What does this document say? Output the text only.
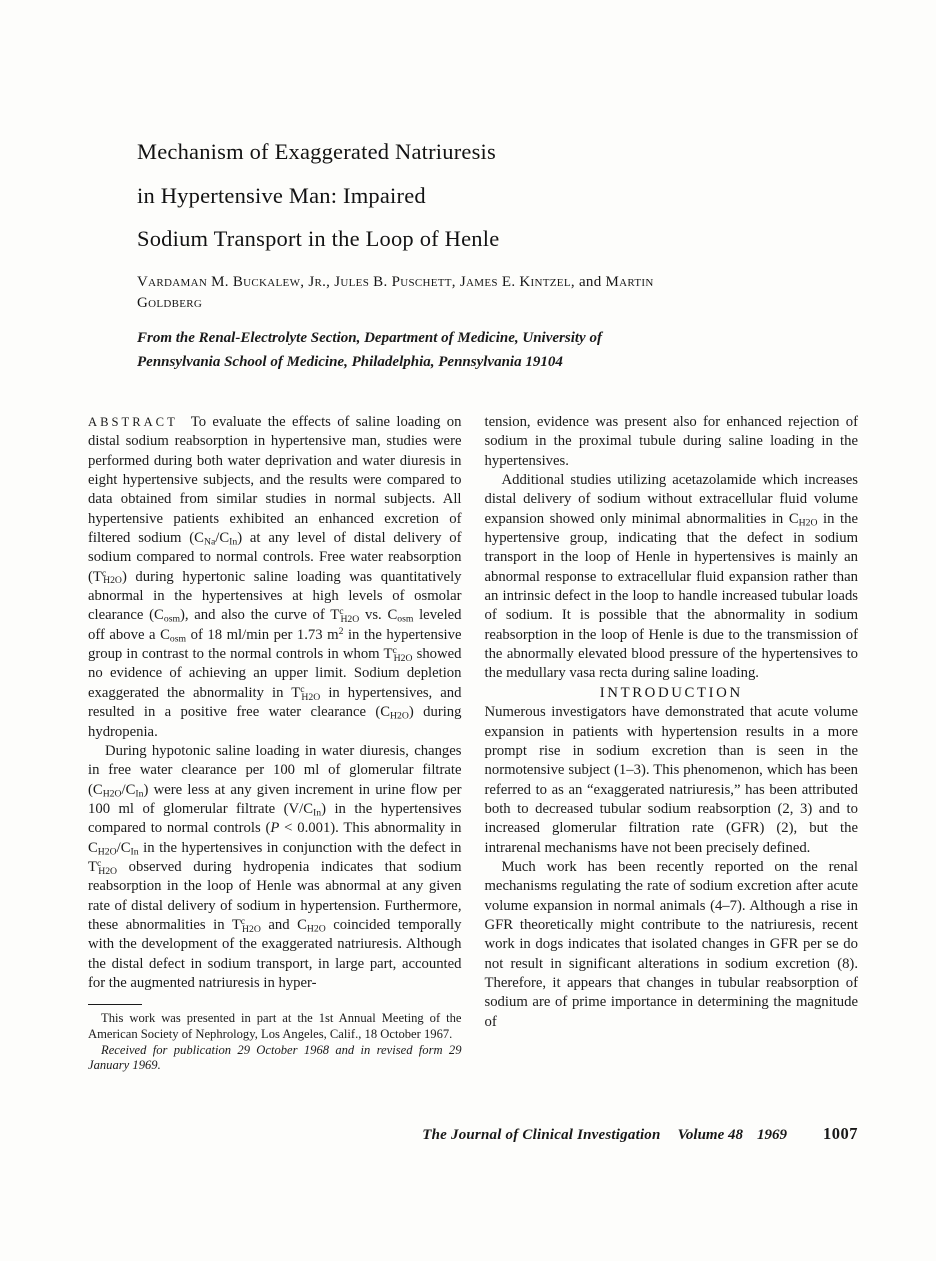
Mechanism of Exaggerated Natriuresis
in Hypertensive Man: Impaired
Sodium Transport in the Loop of Henle
Vardaman M. Buckalew, Jr., Jules B. Puschett, James E. Kintzel, and Martin Goldberg
From the Renal-Electrolyte Section, Department of Medicine, University of Pennsylvania School of Medicine, Philadelphia, Pennsylvania 19104

ABSTRACT To evaluate the effects of saline loading on distal sodium reabsorption in hypertensive man, studies were performed during both water deprivation and water diuresis in eight hypertensive subjects, and the results were compared to data obtained from similar studies in normal subjects. All hypertensive patients exhibited an enhanced excretion of filtered sodium $(C_{Na}/C_{In})$ at any level of distal delivery of sodium compared to normal controls. Free water reabsorption $(T^c_{H2O})$ during hypertonic saline loading was quantitatively abnormal in the hypertensives at high levels of osmolar clearance $(C_{osm})$, and also the curve of $T^c_{H2O}$ vs. $C_{osm}$ leveled off above a $C_{osm}$ of 18 ml/min per 1.73 $m^2$ in the hypertensive group in contrast to the normal controls in whom $T^c_{H2O}$ showed no evidence of achieving an upper limit. Sodium depletion exaggerated the abnormality in $T^c_{H2O}$ in hypertensives, and resulted in a positive free water clearance $(C_{H2O})$ during hydropenia.

During hypotonic saline loading in water diuresis, changes in free water clearance per 100 ml of glomerular filtrate $(C_{H2O}/C_{In})$ were less at any given increment in urine flow per 100 ml of glomerular filtrate $(V/C_{In})$ in the hypertensives compared to normal controls (P < 0.001). This abnormality in $C_{H2O}/C_{In}$ in the hypertensives in conjunction with the defect in $T^c_{H2O}$ observed during hydropenia indicates that sodium reabsorption in the loop of Henle was abnormal at any given rate of distal delivery of sodium in hypertension. Furthermore, these abnormalities in $T^c_{H2O}$ and $C_{H2O}$ coincided temporally with the development of the exaggerated natriuresis. Although the distal defect in sodium transport, in large part, accounted for the augmented natriuresis in hyper-

This work was presented in part at the 1st Annual Meeting of the American Society of Nephrology, Los Angeles, Calif., 18 October 1967.

Received for publication 29 October 1968 and in revised form 29 January 1969.

tension, evidence was present also for enhanced rejection of sodium in the proximal tubule during saline loading in the hypertensives.

Additional studies utilizing acetazolamide which increases distal delivery of sodium without extracellular fluid volume expansion showed only minimal abnormalities in $C_{H2O}$ in the hypertensive group, indicating that the defect in sodium transport in the loop of Henle in hypertensives is mainly an abnormal response to extracellular fluid expansion rather than an intrinsic defect in the loop to handle increased tubular loads of sodium. It is possible that the abnormality in sodium reabsorption in the loop of Henle is due to the transmission of the abnormally elevated blood pressure of the hypertensives to the medullary vasa recta during saline loading.

INTRODUCTION

Numerous investigators have demonstrated that acute volume expansion in patients with hypertension results in a more prompt rise in sodium excretion than is seen in the normotensive subject (1–3). This phenomenon, which has been referred to as an “exaggerated natriuresis,” has been attributed both to decreased tubular sodium reabsorption (2, 3) and to increased glomerular filtration rate (GFR) (2), but the intrarenal mechanisms have not been precisely defined.

Much work has been recently reported on the renal mechanisms regulating the rate of sodium excretion after acute volume expansion in normal animals (4–7). Although a rise in GFR theoretically might contribute to the natriuresis, recent work in dogs indicates that isolated changes in GFR per se do not result in significant alterations in sodium excretion (8). Therefore, it appears that changes in tubular reabsorption of sodium are of prime importance in determining the magnitude of

The Journal of Clinical Investigation Volume 48 1969 1007
